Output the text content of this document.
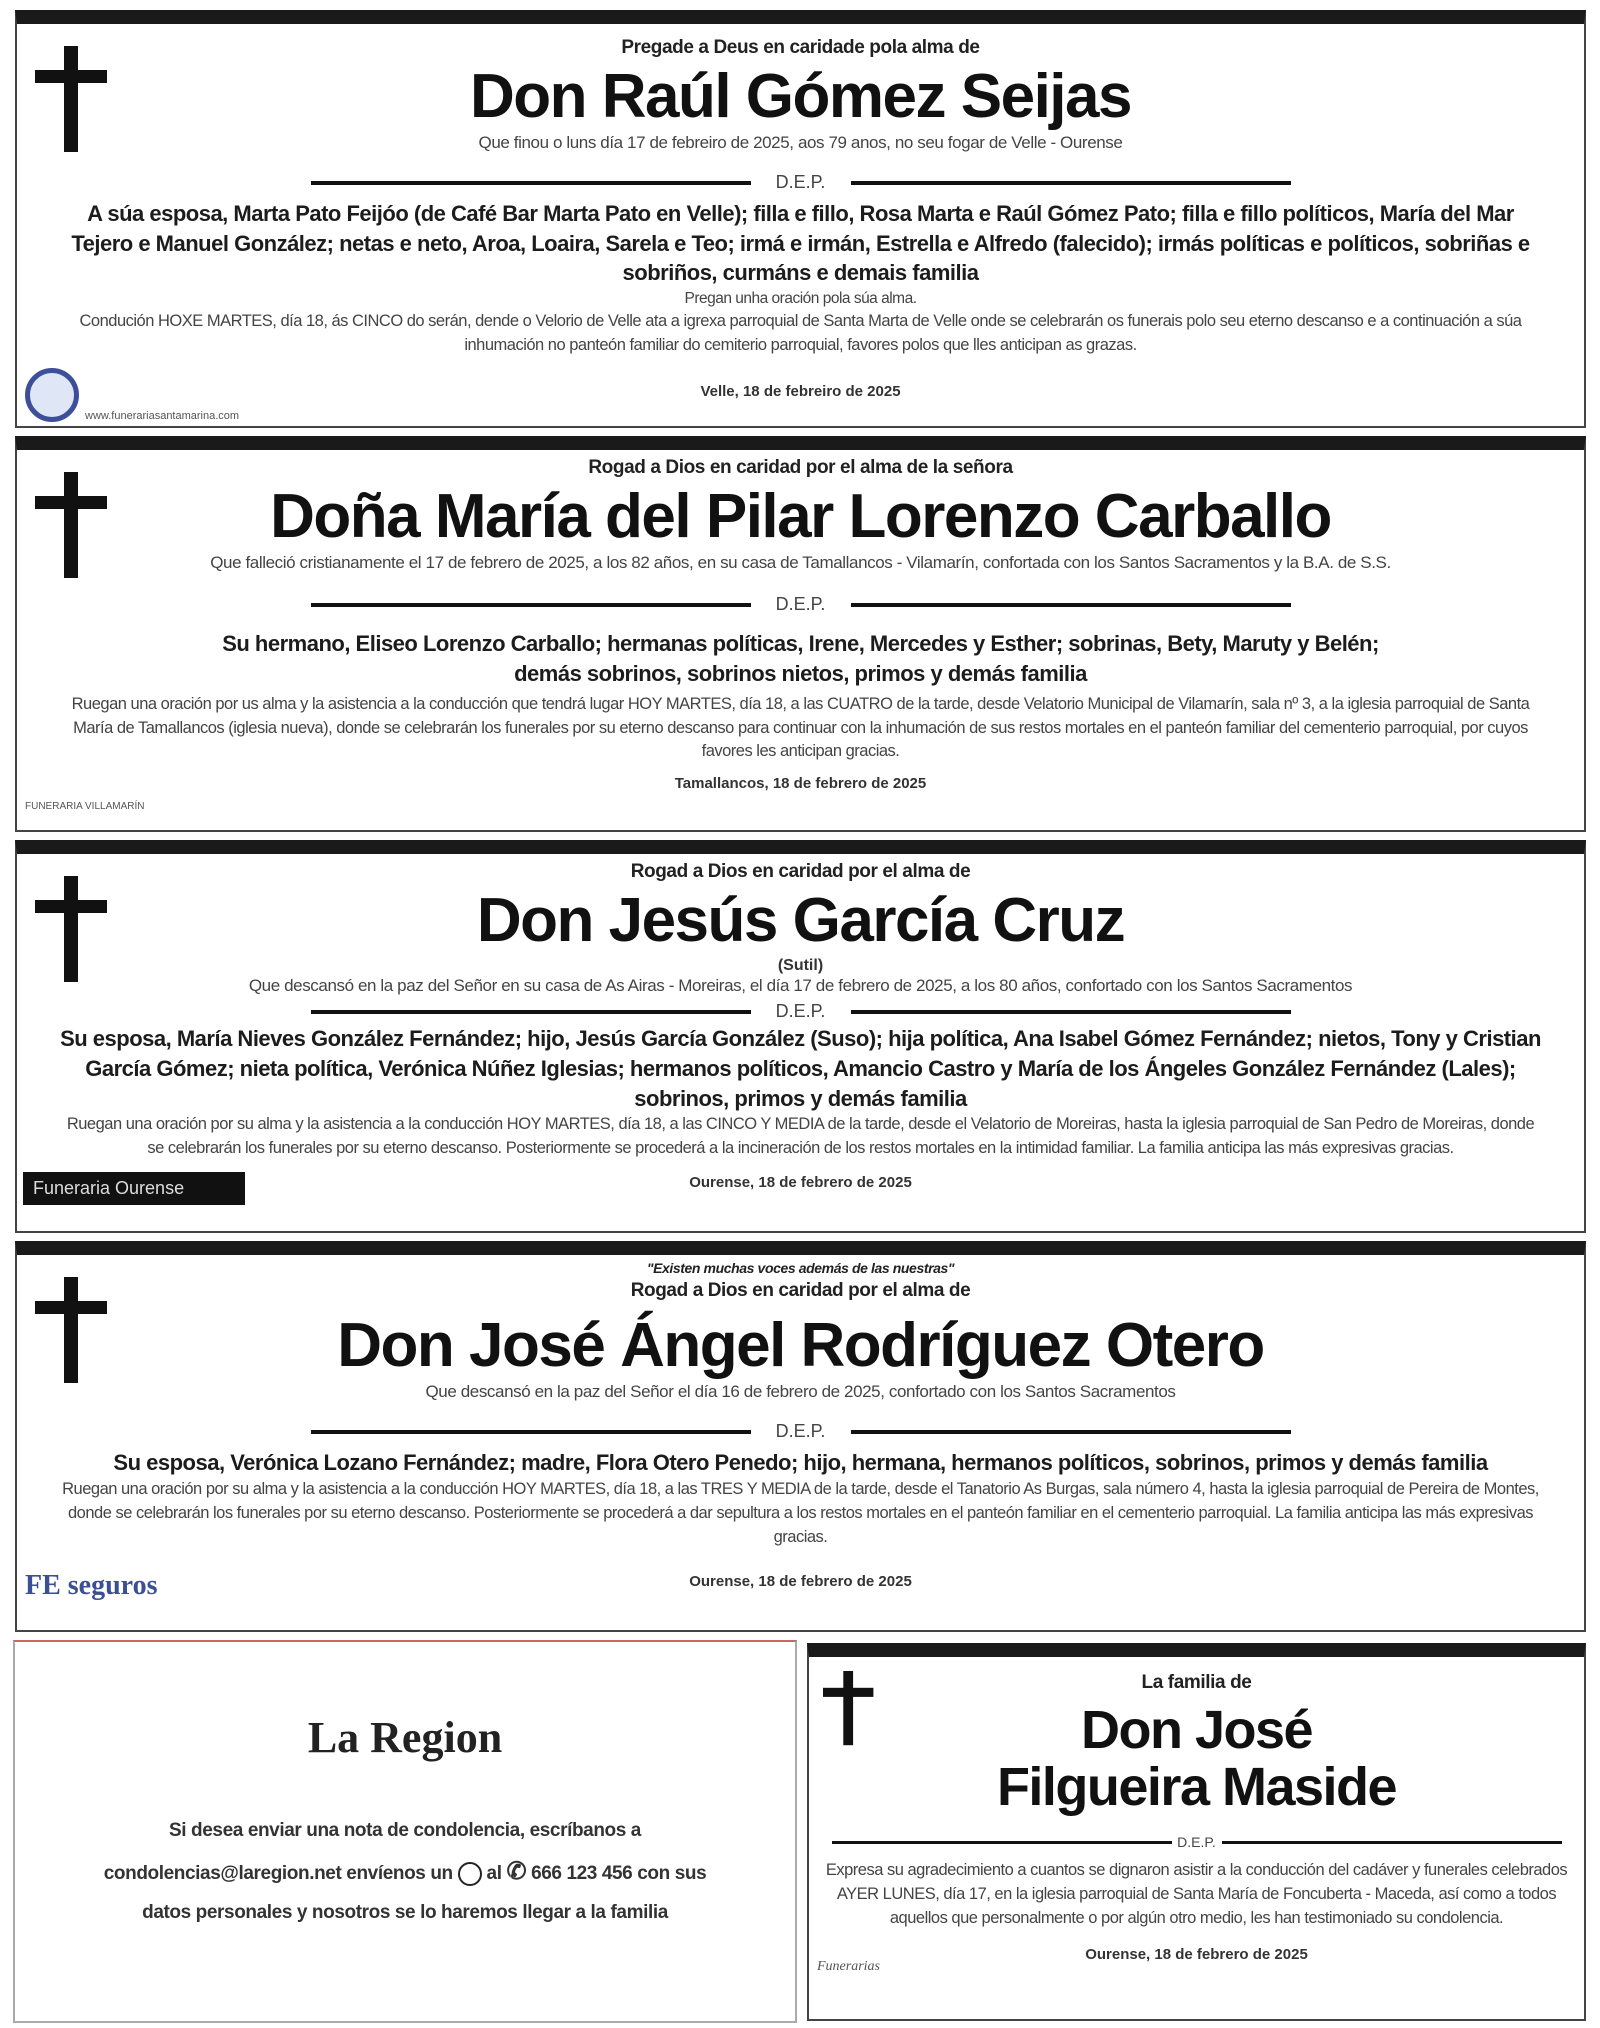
Pregade a Deus en caridade pola alma de
Don Raúl Gómez Seijas
Que finou o luns día 17 de febreiro de 2025, aos 79 anos, no seu fogar de Velle - Ourense
D.E.P.
A súa esposa, Marta Pato Feijóo (de Café Bar Marta Pato en Velle); filla e fillo, Rosa Marta e Raúl Gómez Pato; filla e fillo políticos, María del Mar Tejero e Manuel González; netas e neto, Aroa, Loaira, Sarela e Teo; irmá e irmán, Estrella e Alfredo (falecido); irmás políticas e políticos, sobriñas e sobriños, curmáns e demais familia
Pregan unha oración pola súa alma.
Condución HOXE MARTES, día 18, ás CINCO do serán, dende o Velorio de Velle ata a igrexa parroquial de Santa Marta de Velle onde se celebrarán os funerais polo seu eterno descanso e a continuación a súa inhumación no panteón familiar do cemiterio parroquial, favores polos que lles anticipan as grazas.
Velle, 18 de febreiro de 2025
www.funerariasantamarina.com
Rogad a Dios en caridad por el alma de la señora
Doña María del Pilar Lorenzo Carballo
Que falleció cristianamente el 17 de febrero de 2025, a los 82 años, en su casa de Tamallancos - Vilamarín, confortada con los Santos Sacramentos y la B.A. de S.S.
D.E.P.
Su hermano, Eliseo Lorenzo Carballo; hermanas políticas, Irene, Mercedes y Esther; sobrinas, Bety, Maruty y Belén; demás sobrinos, sobrinos nietos, primos y demás familia
Ruegan una oración por us alma y la asistencia a la conducción que tendrá lugar HOY MARTES, día 18, a las CUATRO de la tarde, desde Velatorio Municipal de Vilamarín, sala nº 3, a la iglesia parroquial de Santa María de Tamallancos (iglesia nueva), donde se celebrarán los funerales por su eterno descanso para continuar con la inhumación de sus restos mortales en el panteón familiar del cementerio parroquial, por cuyos favores les anticipan gracias.
Tamallancos, 18 de febrero de 2025
FUNERARIA VILLAMARÍN
Rogad a Dios en caridad por el alma de
Don Jesús García Cruz
(Sutil)
Que descansó en la paz del Señor en su casa de As Airas - Moreiras, el día 17 de febrero de 2025, a los 80 años, confortado con los Santos Sacramentos
D.E.P.
Su esposa, María Nieves González Fernández; hijo, Jesús García González (Suso); hija política, Ana Isabel Gómez Fernández; nietos, Tony y Cristian García Gómez; nieta política, Verónica Núñez Iglesias; hermanos políticos, Amancio Castro y María de los Ángeles González Fernández (Lales); sobrinos, primos y demás familia
Ruegan una oración por su alma y la asistencia a la conducción HOY MARTES, día 18, a las CINCO Y MEDIA de la tarde, desde el Velatorio de Moreiras, hasta la iglesia parroquial de San Pedro de Moreiras, donde se celebrarán los funerales por su eterno descanso. Posteriormente se procederá a la incineración de los restos mortales en la intimidad familiar. La familia anticipa las más expresivas gracias.
Ourense, 18 de febrero de 2025
Funeraria Ourense
"Existen muchas voces además de las nuestras"
Rogad a Dios en caridad por el alma de
Don José Ángel Rodríguez Otero
Que descansó en la paz del Señor el día 16 de febrero de 2025, confortado con los Santos Sacramentos
D.E.P.
Su esposa, Verónica Lozano Fernández; madre, Flora Otero Penedo; hijo, hermana, hermanos políticos, sobrinos, primos y demás familia
Ruegan una oración por su alma y la asistencia a la conducción HOY MARTES, día 18, a las TRES Y MEDIA de la tarde, desde el Tanatorio As Burgas, sala número 4, hasta la iglesia parroquial de Pereira de Montes, donde se celebrarán los funerales por su eterno descanso. Posteriormente se procederá a dar sepultura a los restos mortales en el panteón familiar en el cementerio parroquial. La familia anticipa las más expresivas gracias.
Ourense, 18 de febrero de 2025
FE seguros
La Region
Si desea enviar una nota de condolencia, escríbanos a
condolencias@laregion.net envíenos un al ✆ 666 123 456 con sus
datos personales y nosotros se lo haremos llegar a la familia
La familia de
Don José
Filgueira Maside
D.E.P.
Expresa su agradecimiento a cuantos se dignaron asistir a la conducción del cadáver y funerales celebrados AYER LUNES, día 17, en la iglesia parroquial de Santa María de Foncuberta - Maceda, así como a todos aquellos que personalmente o por algún otro medio, les han testimoniado su condolencia.
Ourense, 18 de febrero de 2025
Funerarias
